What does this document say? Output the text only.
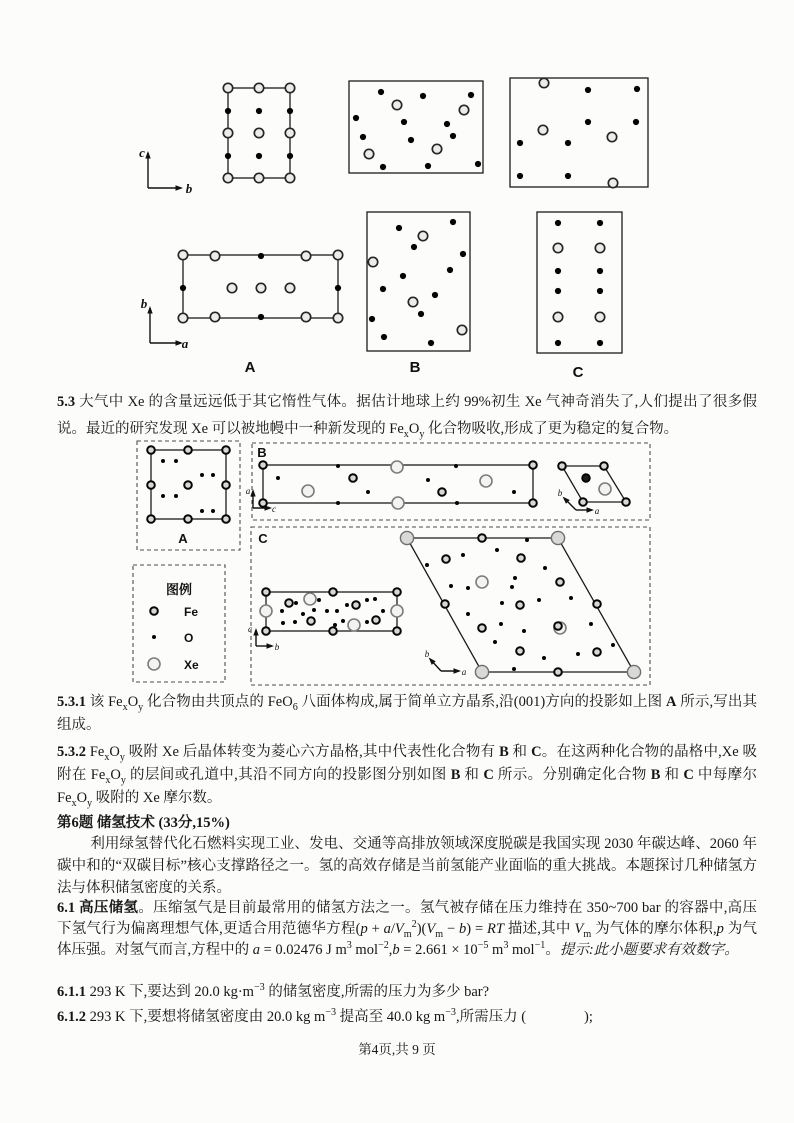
A	B	C
c
b
b
a
5.3 大气中 Xe 的含量远远低于其它惰性气体。据估计地球上约 99%初生 Xe 气神奇消失了,人们提出了很多假说。最近的研究发现 Xe 可以被地幔中一种新发现的 $Fe_xO_y$ 化合物吸收,形成了更为稳定的复合物。
A
B
C
图例
Fe
O
Xe
a
c
b
a
c
b
b
a
5.3.1 该 $Fe_xO_y$ 化合物由共顶点的 FeO$_6$ 八面体构成,属于简单立方晶系,沿(001)方向的投影如上图 A 所示,写出其组成。
5.3.2 $Fe_xO_y$ 吸附 Xe 后晶体转变为菱心六方晶格,其中代表性化合物有 B 和 C。在这两种化合物的晶格中,Xe 吸附在 $Fe_xO_y$ 的层间或孔道中,其沿不同方向的投影图分别如图 B 和 C 所示。分别确定化合物 B 和 C 中每摩尔 $Fe_xO_y$ 吸附的 Xe 摩尔数。
第6题 储氢技术 (33分,15%)
利用绿氢替代化石燃料实现工业、发电、交通等高排放领域深度脱碳是我国实现 2030 年碳达峰、2060 年碳中和的“双碳目标”核心支撑路径之一。氢的高效存储是当前氢能产业面临的重大挑战。本题探讨几种储氢方法与体积储氢密度的关系。
6.1 高压储氢。压缩氢气是目前最常用的储氢方法之一。氢气被存储在压力维持在 350~700 bar 的容器中,高压下氢气行为偏离理想气体,更适合用范德华方程$(p + a/V_m^2)(V_m - b)$ = RT 描述,其中 $V_m$ 为气体的摩尔体积,p 为气体压强。对氢气而言,方程中的 a = 0.02476 J $m^3$ $mol^{-2},b = 2.661 \times 10^{-5}$ $m^3$ mol$^{-1}$。提示:此小题要求有效数字。
6.1.1 293 K 下,要达到 20.0 $kg\cdot m^{-3}$ 的储氢密度,所需的压力为多少 bar?
6.1.2 293 K 下,要想将储氢密度由 20.0 kg $m^{-3}$ 提高至 40.0 kg $m^{-3}$,所需压力 (　　　　);
第4页,共 9 页
